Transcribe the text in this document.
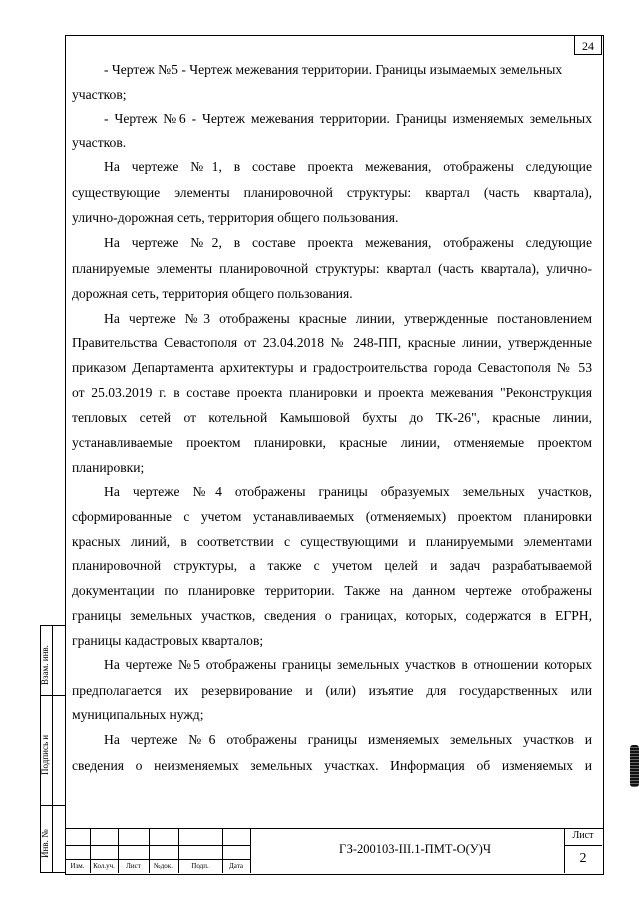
24
- Чертеж №5 - Чертеж межевания территории. Границы изымаемых земельных
участков;
- Чертеж №6 - Чертеж межевания территории. Границы изменяемых земельных
участков.
На чертеже №1, в составе проекта межевания, отображены следующие
существующие элементы планировочной структуры: квартал (часть квартала),
улично-дорожная сеть, территория общего пользования.
На чертеже №2, в составе проекта межевания, отображены следующие
планируемые элементы планировочной структуры: квартал (часть квартала), улично-
дорожная сеть, территория общего пользования.
На чертеже №3 отображены красные линии, утвержденные постановлением
Правительства Севастополя от 23.04.2018 № 248-ПП, красные линии, утвержденные
приказом Департамента архитектуры и градостроительства города Севастополя № 53
от 25.03.2019 г. в составе проекта планировки и проекта межевания "Реконструкция
тепловых сетей от котельной Камышовой бухты до ТК-26", красные линии,
устанавливаемые проектом планировки, красные линии, отменяемые проектом
планировки;
На чертеже №4 отображены границы образуемых земельных участков,
сформированные с учетом устанавливаемых (отменяемых) проектом планировки
красных линий, в соответствии с существующими и планируемыми элементами
планировочной структуры, а также с учетом целей и задач разрабатываемой
документации по планировке территории. Также на данном чертеже отображены
границы земельных участков, сведения о границах, которых, содержатся в ЕГРН,
границы кадастровых кварталов;
На чертеже №5 отображены границы земельных участков в отношении которых
предполагается их резервирование и (или) изъятие для государственных или
муниципальных нужд;
На чертеже №6 отображены границы изменяемых земельных участков и
сведения о неизменяемых земельных участках. Информация об изменяемых и
Взам. инв.
Подпись и
Инв. №
Изм.	Кол.уч.	Лист	№док.	Подп.	Дата
ГЗ-200103-III.1-ПМТ-О(У)Ч
Лист
2
